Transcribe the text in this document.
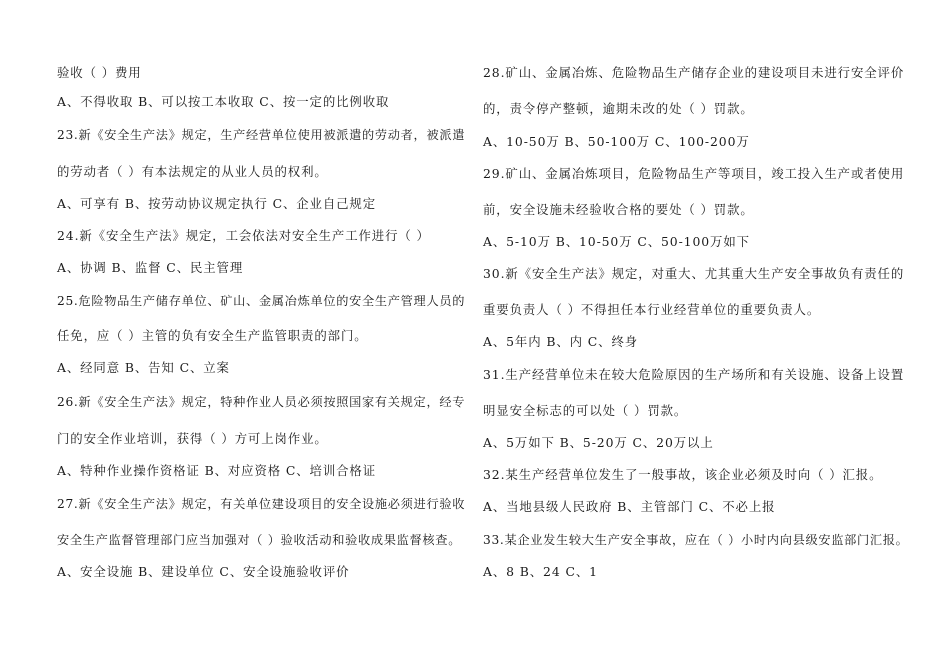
验收（ ）费用
A、不得收取 B、可以按工本收取 C、按一定的比例收取
23.新《安全生产法》规定，生产经营单位使用被派遣的劳动者，被派遣
的劳动者（ ）有本法规定的从业人员的权利。
A、可享有 B、按劳动协议规定执行 C、企业自己规定
24.新《安全生产法》规定，工会依法对安全生产工作进行（ ）
A、协调 B、监督 C、民主管理
25.危险物品生产储存单位、矿山、金属冶炼单位的安全生产管理人员的
任免，应（ ）主管的负有安全生产监管职责的部门。
A、经同意 B、告知 C、立案
26.新《安全生产法》规定，特种作业人员必须按照国家有关规定，经专
门的安全作业培训，获得（ ）方可上岗作业。
A、特种作业操作资格证 B、对应资格 C、培训合格证
27.新《安全生产法》规定，有关单位建设项目的安全设施必须进行验收
安全生产监督管理部门应当加强对（ ）验收活动和验收成果监督核查。
A、安全设施 B、建设单位 C、安全设施验收评价
28.矿山、金属冶炼、危险物品生产储存企业的建设项目未进行安全评价
的，责令停产整顿，逾期未改的处（ ）罚款。
A、10-50万 B、50-100万 C、100-200万
29.矿山、金属冶炼项目，危险物品生产等项目，竣工投入生产或者使用
前，安全设施未经验收合格的要处（ ）罚款。
A、5-10万 B、10-50万 C、50-100万如下
30.新《安全生产法》规定，对重大、尤其重大生产安全事故负有责任的
重要负责人（ ）不得担任本行业经营单位的重要负责人。
A、5年内 B、内 C、终身
31.生产经营单位未在较大危险原因的生产场所和有关设施、设备上设置
明显安全标志的可以处（ ）罚款。
A、5万如下 B、5-20万 C、20万以上
32.某生产经营单位发生了一般事故，该企业必须及时向（ ）汇报。
A、当地县级人民政府 B、主管部门 C、不必上报
33.某企业发生较大生产安全事故，应在（ ）小时内向县级安监部门汇报。
A、8 B、24 C、1
